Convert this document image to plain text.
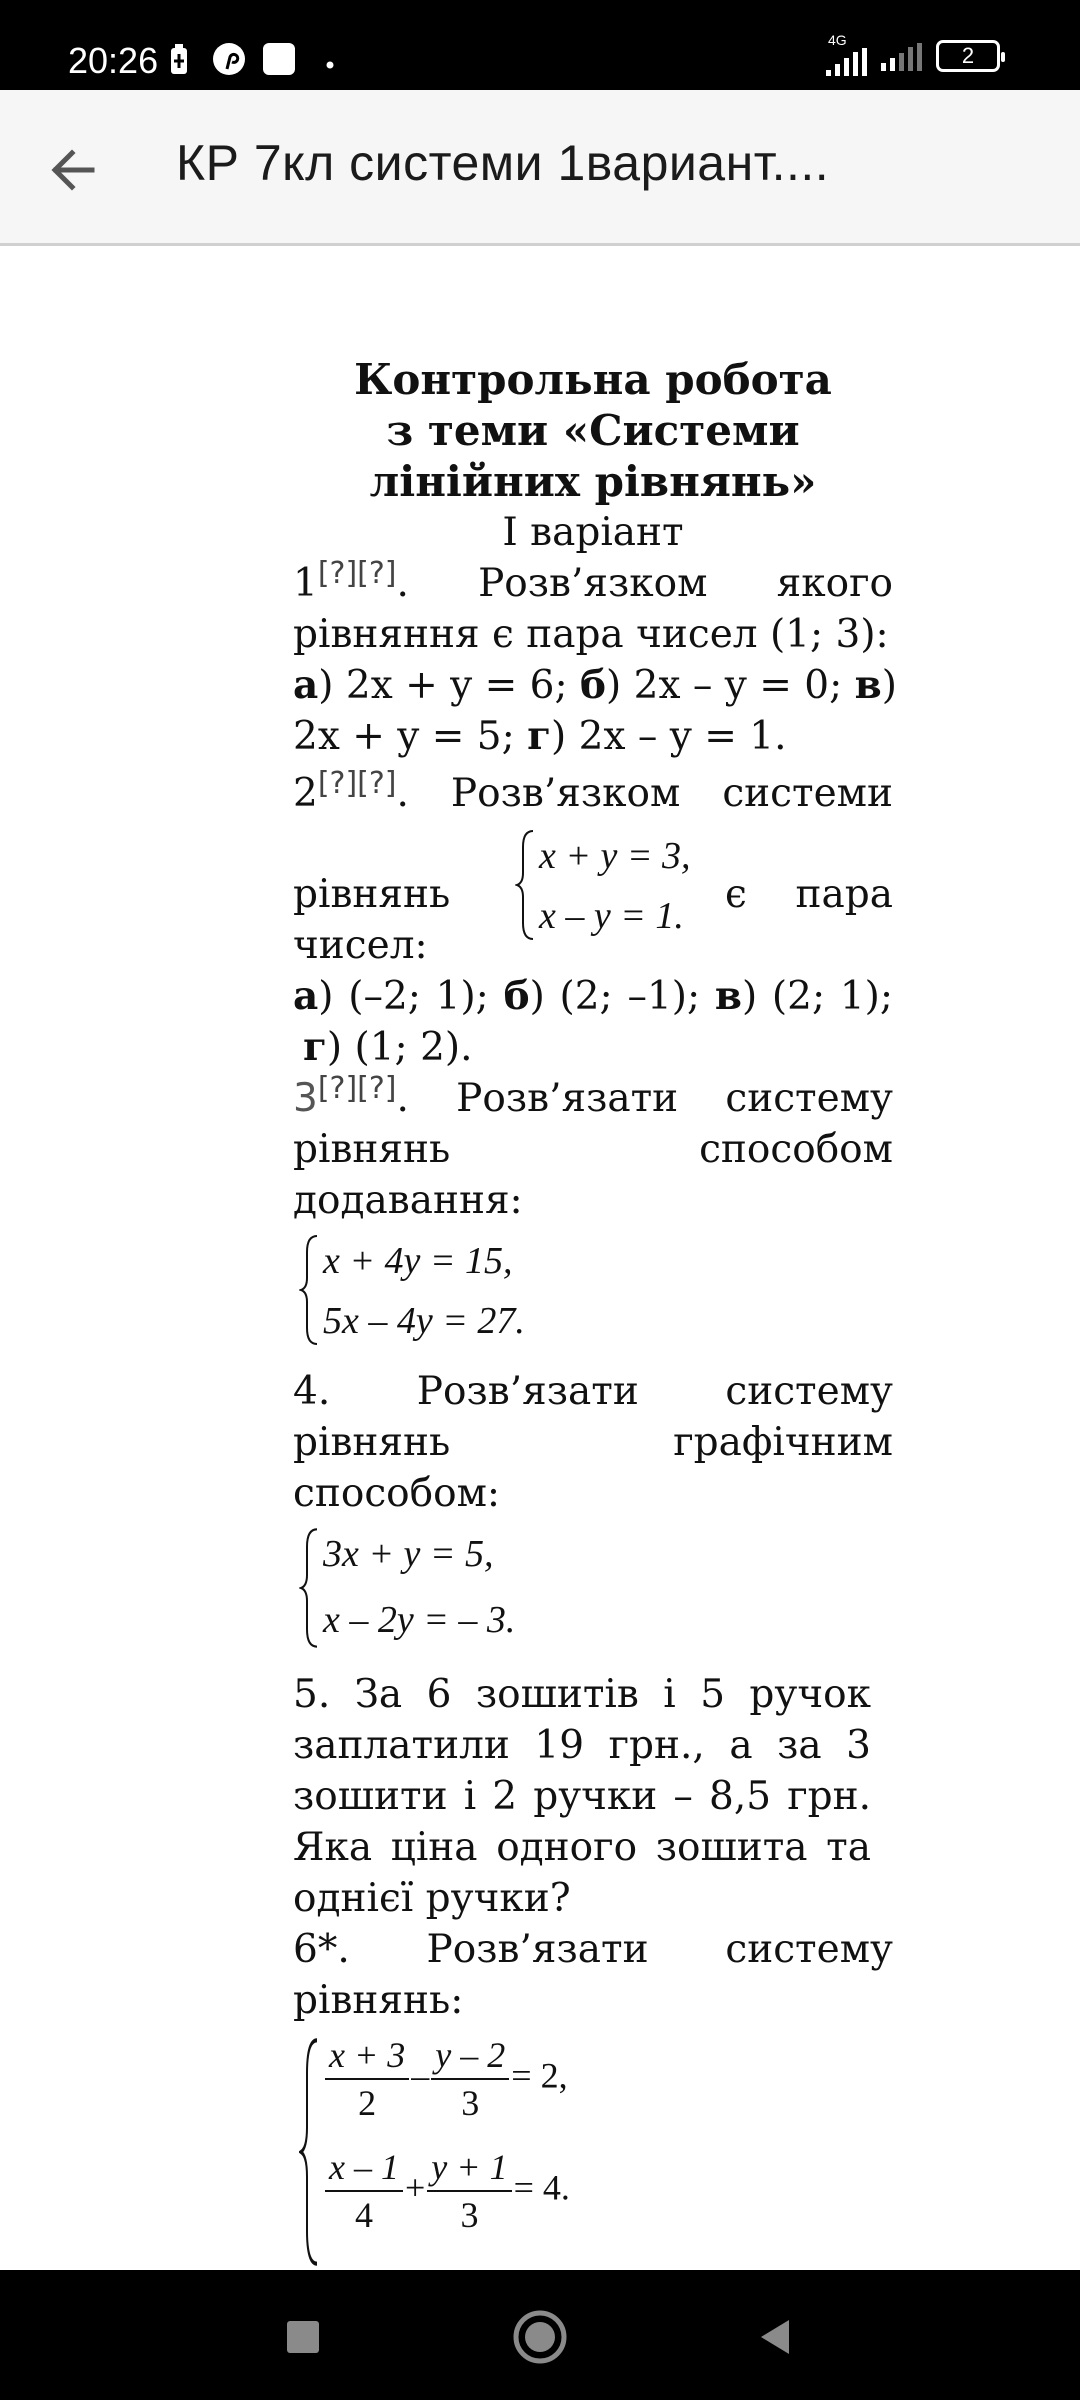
20:26	4G
2
КР 7кл системи 1вариант....
Контрольна робота
з теми «Системи
лінійних рівнянь»
I варіант
1[?][?]. Розв’язком якого
рівняння є пара чисел (1; 3):
а) 2x + y = 6; б) 2x – y = 0; в)
2x + y = 5; г) 2x – y = 1.
2[?][?]. Розв’язком системи
x + y = 3,
x – y = 1.
рівнянь	є пара
чисел:
а) (–2; 1); б) (2; –1); в) (2; 1);
г) (1; 2).
3[?][?]. Розв’язати систему
рівнянь	способом
додавання:
x + 4y = 15,
5x – 4y = 27.
4. Розв’язати систему
рівнянь	графічним
способом:
3x + y = 5,
x – 2y = – 3.
5. За 6 зошитів і 5 ручок
заплатили 19 грн., а за 3
зошити і 2 ручки – 8,5 грн.
Яка ціна одного зошита та
однієї ручки?
6*. Розв’язати систему
рівнянь:
$\frac{x + 3}{2} - \frac{y - 2}{3} = 2$,
$\frac{x - 1}{4} + \frac{y + 1}{3} = 4$.
